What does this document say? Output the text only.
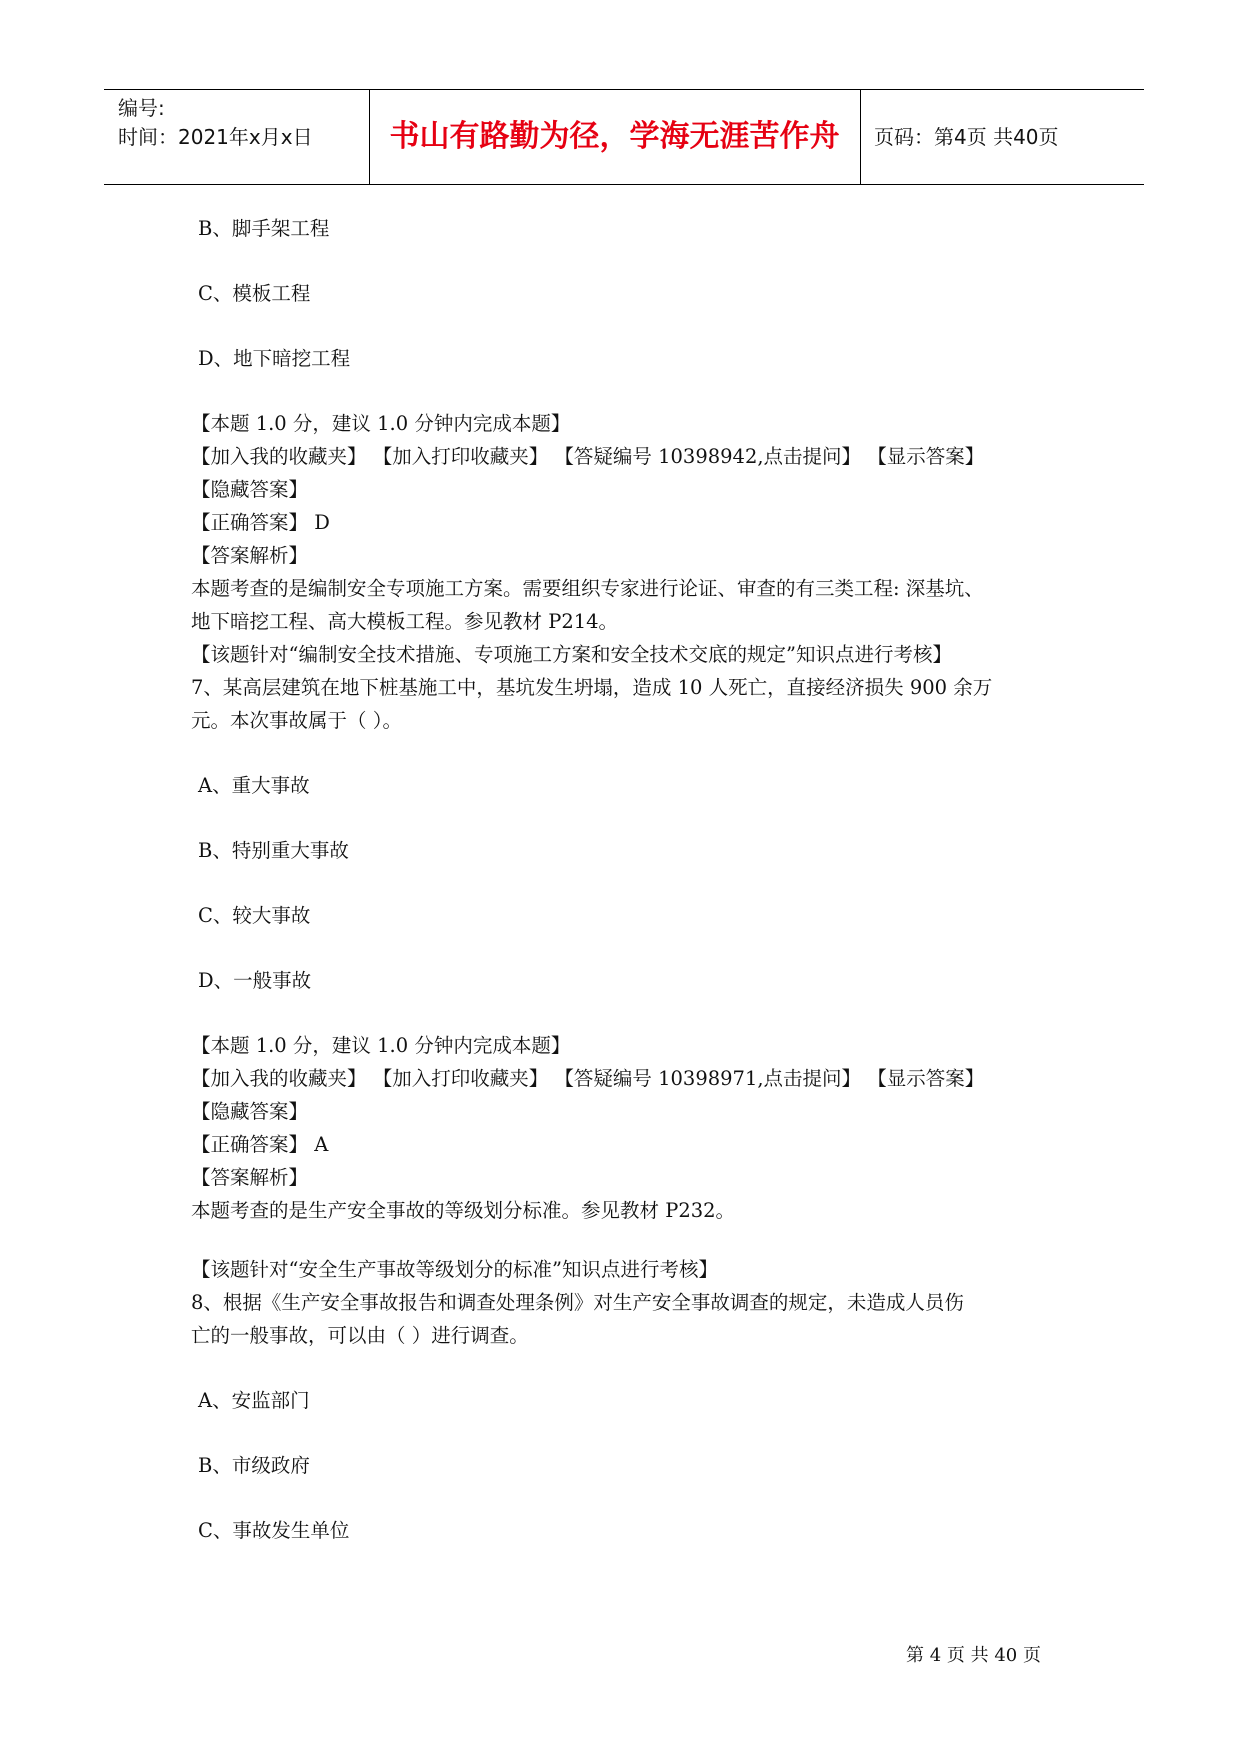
编号:
时间：2021年x月x日	书山有路勤为径，学海无涯苦作舟	页码：第4页 共40页
B、脚手架工程
C、模板工程
D、地下暗挖工程
【本题 1.0 分，建议 1.0 分钟内完成本题】
【加入我的收藏夹】 【加入打印收藏夹】 【答疑编号 10398942,点击提问】 【显示答案】
【隐藏答案】
【正确答案】 D
【答案解析】
本题考查的是编制安全专项施工方案。需要组织专家进行论证、审查的有三类工程: 深基坑、
地下暗挖工程、高大模板工程。参见教材 P214。
【该题针对“编制安全技术措施、专项施工方案和安全技术交底的规定”知识点进行考核】
7、某高层建筑在地下桩基施工中，基坑发生坍塌，造成 10 人死亡，直接经济损失 900 余万
元。本次事故属于（ ）。
A、重大事故
B、特别重大事故
C、较大事故
D、一般事故
【本题 1.0 分，建议 1.0 分钟内完成本题】
【加入我的收藏夹】 【加入打印收藏夹】 【答疑编号 10398971,点击提问】 【显示答案】
【隐藏答案】
【正确答案】 A
【答案解析】
本题考查的是生产安全事故的等级划分标准。参见教材 P232。
【该题针对“安全生产事故等级划分的标准”知识点进行考核】
8、根据《生产安全事故报告和调查处理条例》对生产安全事故调查的规定，未造成人员伤
亡的一般事故，可以由（ ）进行调查。
A、安监部门
B、市级政府
C、事故发生单位
第 4 页 共 40 页
